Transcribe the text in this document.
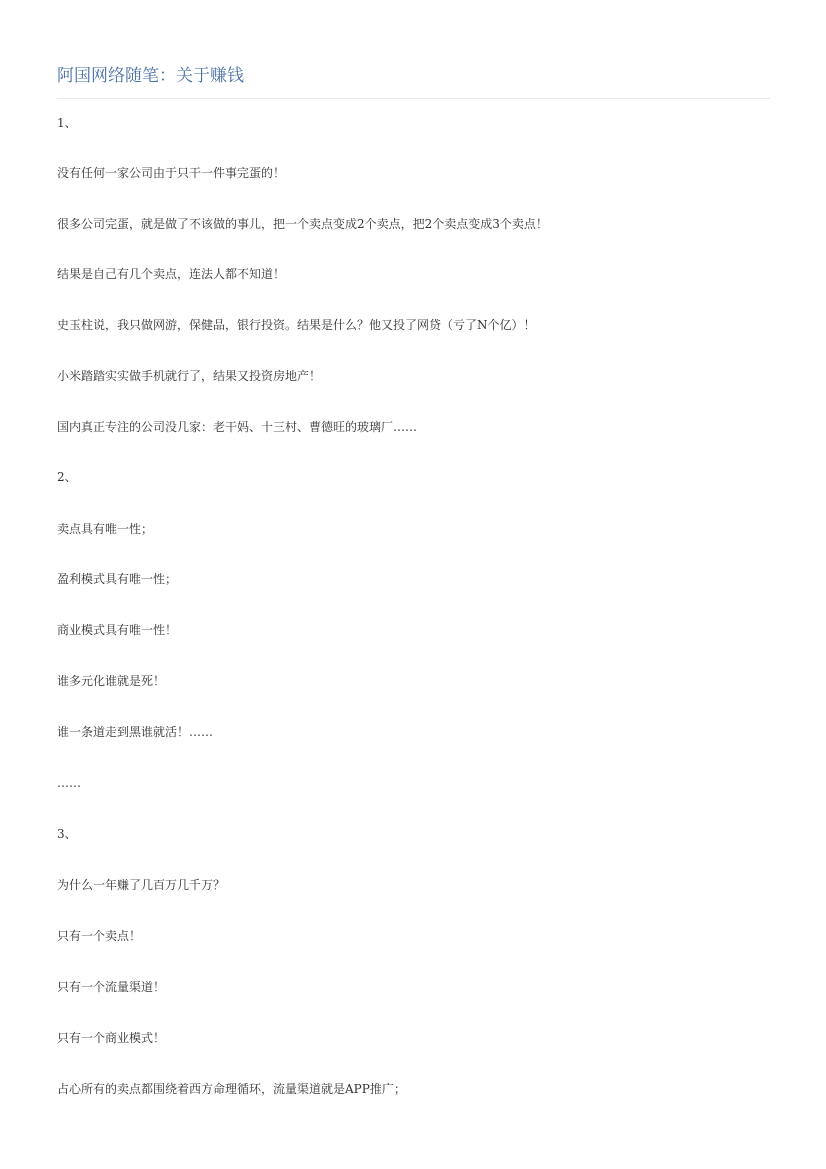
阿国网络随笔：关于赚钱
1、
没有任何一家公司由于只干一件事完蛋的！
很多公司完蛋，就是做了不该做的事儿，把一个卖点变成2个卖点，把2个卖点变成3个卖点！
结果是自己有几个卖点，连法人都不知道！
史玉柱说，我只做网游，保健品，银行投资。结果是什么？他又投了网贷（亏了N个亿）！
小米踏踏实实做手机就行了，结果又投资房地产！
国内真正专注的公司没几家：老干妈、十三村、曹德旺的玻璃厂……
2、
卖点具有唯一性；
盈利模式具有唯一性；
商业模式具有唯一性！
谁多元化谁就是死！
谁一条道走到黑谁就活！……
……
3、
为什么一年赚了几百万几千万？
只有一个卖点！
只有一个流量渠道！
只有一个商业模式！
占心所有的卖点都围绕着西方命理循环，流量渠道就是APP推广；
